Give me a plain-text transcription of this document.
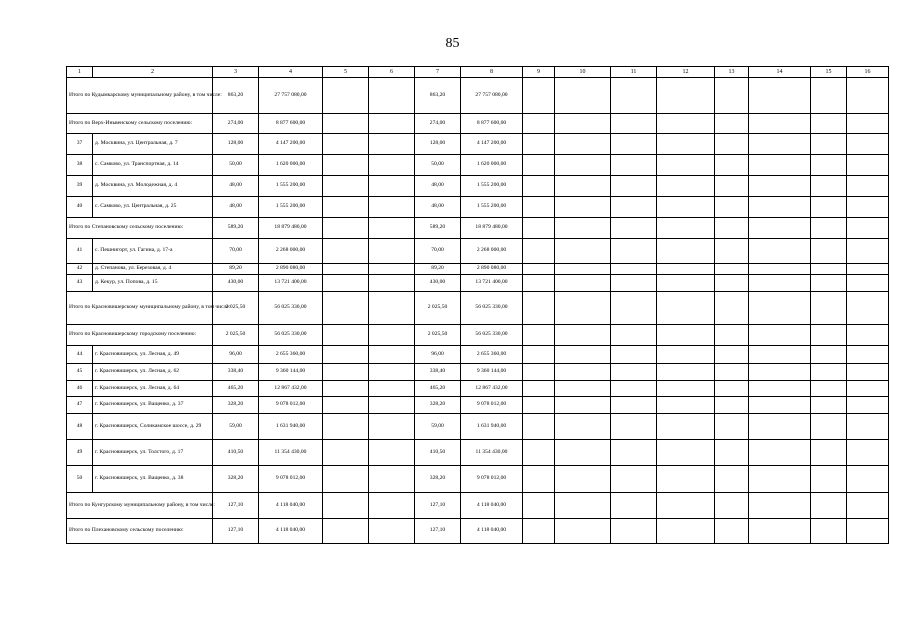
85
1	2	3	4	5	6	7	8	9	10	11	12	13	14	15	16
Итого по Кудымкарскому муниципальному району, в том числе:		863,20	27 757 080,00			863,20	27 757 080,00								
Итого по Верх-Иньвенскому сельскому поселению:		274,00	8 877 600,00			274,00	8 877 600,00								
37	д. Москвина, ул. Центральная, д. 7	128,00	4 147 200,00			128,00	4 147 200,00								
38	с. Самково, ул. Транспортная, д. 14	50,00	1 620 000,00			50,00	1 620 000,00								
39	д. Москвина, ул. Молодежная, д. 4	48,00	1 555 200,00			48,00	1 555 200,00								
40	с. Самково, ул. Центральная, д. 25	48,00	1 555 200,00			48,00	1 555 200,00								
Итого по Степановскому сельскому поселению:		589,20	18 879 480,00			589,20	18 879 480,00								
41	с. Пешнигорт, ул. Гагина, д. 17-а	70,00	2 268 000,00			70,00	2 268 000,00								
42	д. Степанова, ул. Березовая, д. 4	89,20	2 890 080,00			89,20	2 890 080,00								
43	д. Кекур, ул. Попова, д. 15	430,00	13 721 400,00			430,00	13 721 400,00								
Итого по Красновишерскому муниципальному району, в том числе:		2 025,50	56 025 330,00			2 025,50	56 025 330,00								
Итого по Красновишерскому городскому поселению:		2 025,50	56 025 330,00			2 025,50	56 025 330,00								
44	г. Красновишерск, ул. Лесная, д. 49	96,00	2 655 360,00			96,00	2 655 360,00								
45	г. Красновишерск, ул. Лесная, д. 62	338,40	9 360 144,00			338,40	9 360 144,00								
46	г. Красновишерск, ул. Лесная, д. 64	465,20	12 867 432,00			465,20	12 867 432,00								
47	г. Красновишерск, ул. Ващенко, д. 37	328,20	9 078 012,00			328,20	9 078 012,00								
48	г. Красновишерск, Соликамское шоссе, д. 29	59,00	1 631 940,00			59,00	1 631 940,00								
49	г. Красновишерск, ул. Толстого, д. 17	410,50	11 354 430,00			410,50	11 354 430,00								
50	г. Красновишерск, ул. Ващенко, д. 38	328,20	9 078 012,00			328,20	9 078 012,00								
Итого по Кунгурскому муниципальному району, в том числе:		127,10	4 118 040,00			127,10	4 118 040,00								
Итого по Плехановскому сельскому поселению:		127,10	4 118 040,00			127,10	4 118 040,00								
